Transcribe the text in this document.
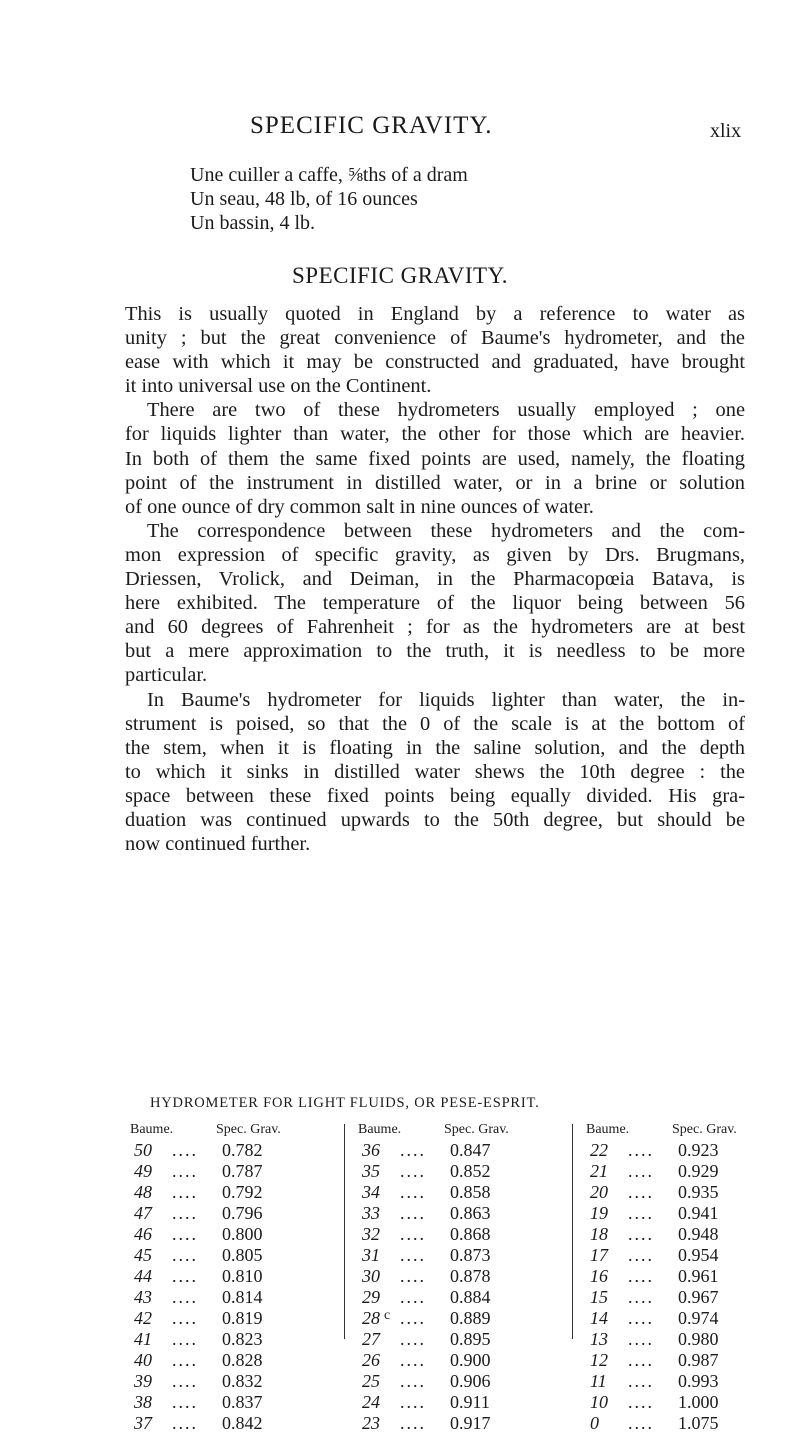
SPECIFIC GRAVITY.	xlix
Une cuiller a caffe, ⅝ths of a dram
Un seau, 48 lb, of 16 ounces
Un bassin, 4 lb.
SPECIFIC GRAVITY.
This is usually quoted in England by a reference to water as
unity ; but the great convenience of Baume's hydrometer, and the
ease with which it may be constructed and graduated, have brought
it into universal use on the Continent.
There are two of these hydrometers usually employed ; one
for liquids lighter than water, the other for those which are heavier.
In both of them the same fixed points are used, namely, the floating
point of the instrument in distilled water, or in a brine or solution
of one ounce of dry common salt in nine ounces of water.
The correspondence between these hydrometers and the com-
mon expression of specific gravity, as given by Drs. Brugmans,
Driessen, Vrolick, and Deiman, in the Pharmacopœia Batava, is
here exhibited. The temperature of the liquor being between 56
and 60 degrees of Fahrenheit ; for as the hydrometers are at best
but a mere approximation to the truth, it is needless to be more
particular.
In Baume's hydrometer for liquids lighter than water, the in-
strument is poised, so that the 0 of the scale is at the bottom of
the stem, when it is floating in the saline solution, and the depth
to which it sinks in distilled water shews the 10th degree : the
space between these fixed points being equally divided. His gra-
duation was continued upwards to the 50th degree, but should be
now continued further.
HYDROMETER FOR LIGHT FLUIDS, OR PESE-ESPRIT.
Baume.	Spec. Grav.
50 .... 0.782
49 .... 0.787
48 .... 0.792
47 .... 0.796
46 .... 0.800
45 .... 0.805
44 .... 0.810
43 .... 0.814
42 .... 0.819
41 .... 0.823
40 .... 0.828
39 .... 0.832
38 .... 0.837
37 .... 0.842
Baume.	Spec. Grav.
36 .... 0.847
35 .... 0.852
34 .... 0.858
33 .... 0.863
32 .... 0.868
31 .... 0.873
30 .... 0.878
29 .... 0.884
28 .... 0.889
27 .... 0.895
26 .... 0.900
25 .... 0.906
24 .... 0.911
23 .... 0.917
Baume.	Spec. Grav.
22 .... 0.923
21 .... 0.929
20 .... 0.935
19 .... 0.941
18 .... 0.948
17 .... 0.954
16 .... 0.961
15 .... 0.967
14 .... 0.974
13 .... 0.980
12 .... 0.987
11 .... 0.993
10 .... 1.000
0 .... 1.075
c
